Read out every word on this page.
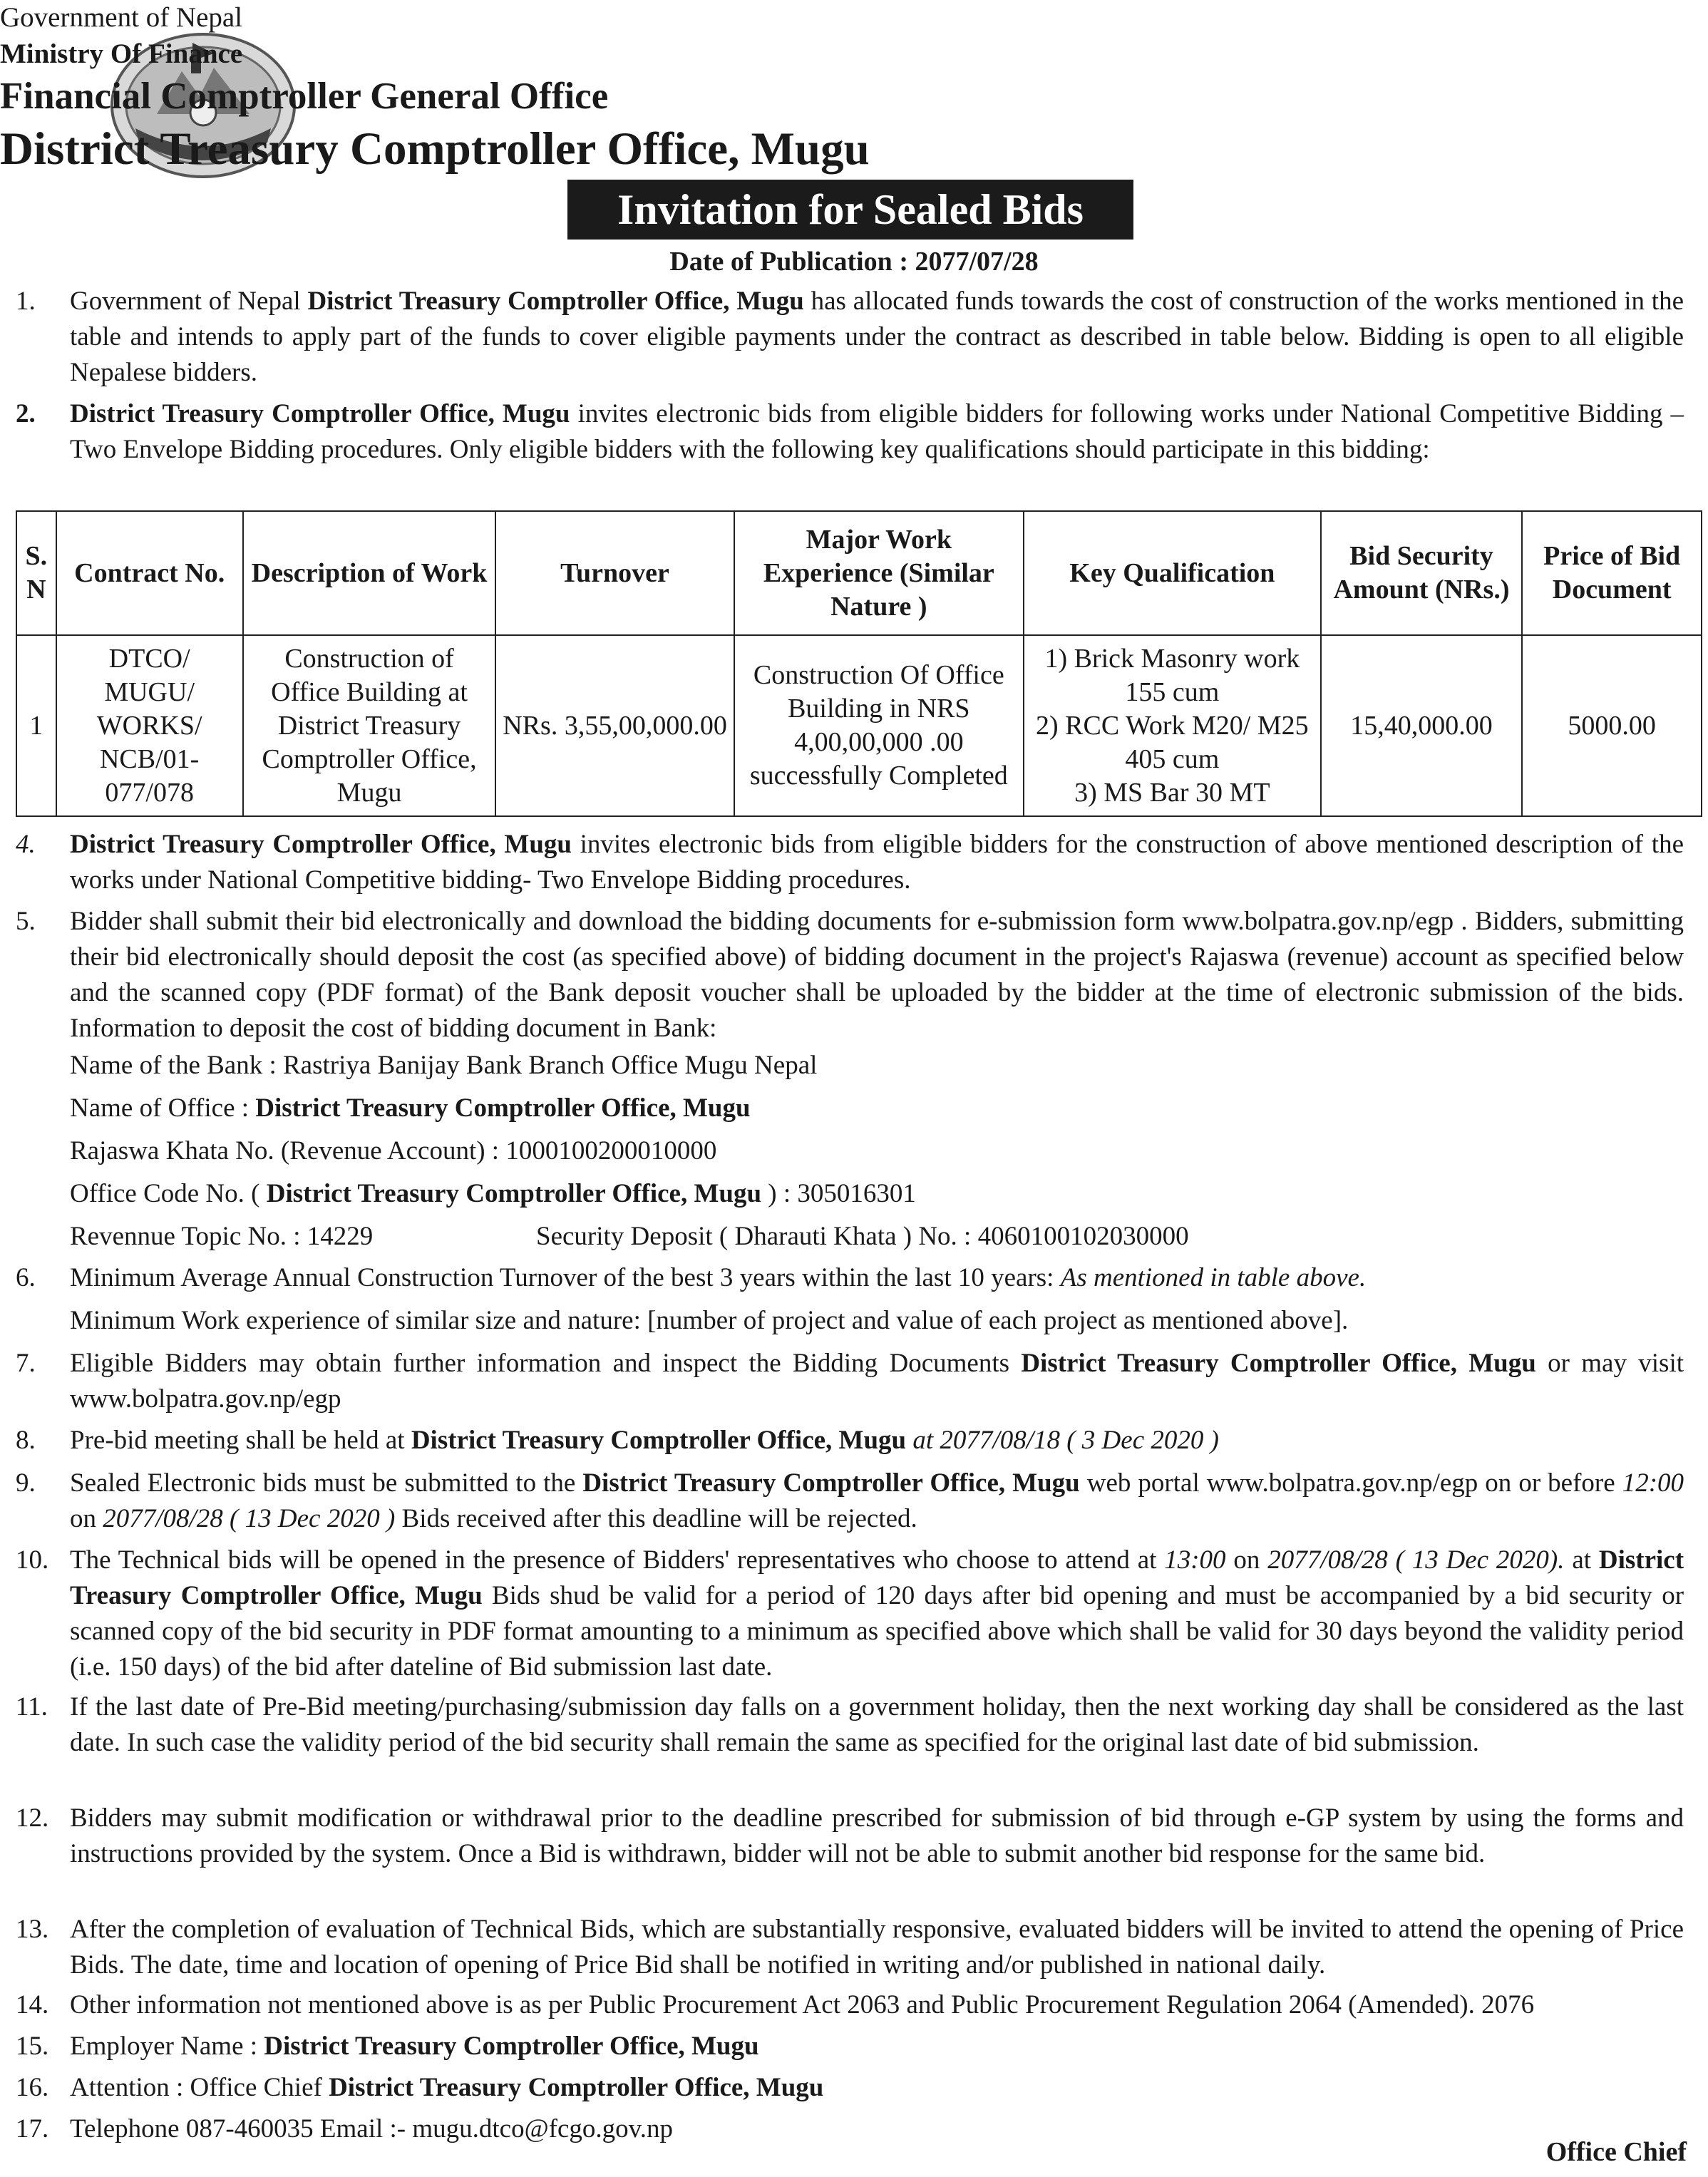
Government of Nepal
Ministry Of Finance
Financial Comptroller General Office
District Treasury Comptroller Office, Mugu
Invitation for Sealed Bids
Date of Publication : 2077/07/28
1.	Government of Nepal District Treasury Comptroller Office, Mugu has allocated funds towards the cost of construction of the works mentioned in the table and intends to apply part of the funds to cover eligible payments under the contract as described in table below. Bidding is open to all eligible Nepalese bidders.
2.	District Treasury Comptroller Office, Mugu invites electronic bids from eligible bidders for following works under National Competitive Bidding – Two Envelope Bidding procedures. Only eligible bidders with the following key qualifications should participate in this bidding:
S.
N	Contract No.	Description of Work	Turnover	Major Work Experience (Similar Nature )	Key Qualification	Bid Security Amount (NRs.)	Price of Bid Document
1	DTCO/ MUGU/ WORKS/ NCB/01-077/078	Construction of Office Building at District Treasury Comptroller Office, Mugu	NRs. 3,55,00,000.00	Construction Of Office Building in NRS 4,00,00,000 .00 successfully Completed	1) Brick Masonry work 155 cum
2) RCC Work M20/ M25 405 cum
3) MS Bar 30 MT	15,40,000.00	5000.00
4.	District Treasury Comptroller Office, Mugu invites electronic bids from eligible bidders for the construction of above mentioned description of the works under National Competitive bidding- Two Envelope Bidding procedures.
5.	Bidder shall submit their bid electronically and download the bidding documents for e-submission form www.bolpatra.gov.np/egp . Bidders, submitting their bid electronically should deposit the cost (as specified above) of bidding document in the project's Rajaswa (revenue) account as specified below and the scanned copy (PDF format) of the Bank deposit voucher shall be uploaded by the bidder at the time of electronic submission of the bids. Information to deposit the cost of bidding document in Bank:
Name of the Bank : Rastriya Banijay Bank Branch Office Mugu Nepal
Name of Office : District Treasury Comptroller Office, Mugu
Rajaswa Khata No. (Revenue Account) : 1000100200010000
Office Code No. ( District Treasury Comptroller Office, Mugu ) : 305016301
Revennue Topic No. : 14229	Security Deposit ( Dharauti Khata ) No. : 4060100102030000
6.	Minimum Average Annual Construction Turnover of the best 3 years within the last 10 years: As mentioned in table above.
Minimum Work experience of similar size and nature: [number of project and value of each project as mentioned above].
7.	Eligible Bidders may obtain further information and inspect the Bidding Documents District Treasury Comptroller Office, Mugu or may visit www.bolpatra.gov.np/egp
8.	Pre-bid meeting shall be held at District Treasury Comptroller Office, Mugu at 2077/08/18 ( 3 Dec 2020 )
9.	Sealed Electronic bids must be submitted to the District Treasury Comptroller Office, Mugu web portal www.bolpatra.gov.np/egp on or before 12:00 on 2077/08/28 ( 13 Dec 2020 ) Bids received after this deadline will be rejected.
10. The Technical bids will be opened in the presence of Bidders' representatives who choose to attend at 13:00 on 2077/08/28 ( 13 Dec 2020). at District Treasury Comptroller Office, Mugu Bids shud be valid for a period of 120 days after bid opening and must be accompanied by a bid security or scanned copy of the bid security in PDF format amounting to a minimum as specified above which shall be valid for 30 days beyond the validity period (i.e. 150 days) of the bid after dateline of Bid submission last date.
11. If the last date of Pre-Bid meeting/purchasing/submission day falls on a government holiday, then the next working day shall be considered as the last date. In such case the validity period of the bid security shall remain the same as specified for the original last date of bid submission.
12. Bidders may submit modification or withdrawal prior to the deadline prescribed for submission of bid through e-GP system by using the forms and instructions provided by the system. Once a Bid is withdrawn, bidder will not be able to submit another bid response for the same bid.
13. After the completion of evaluation of Technical Bids, which are substantially responsive, evaluated bidders will be invited to attend the opening of Price Bids. The date, time and location of opening of Price Bid shall be notified in writing and/or published in national daily.
14. Other information not mentioned above is as per Public Procurement Act 2063 and Public Procurement Regulation 2064 (Amended). 2076
15. Employer Name : District Treasury Comptroller Office, Mugu
16. Attention : Office Chief District Treasury Comptroller Office, Mugu
17. Telephone 087-460035 Email :- mugu.dtco@fcgo.gov.np
Office Chief
